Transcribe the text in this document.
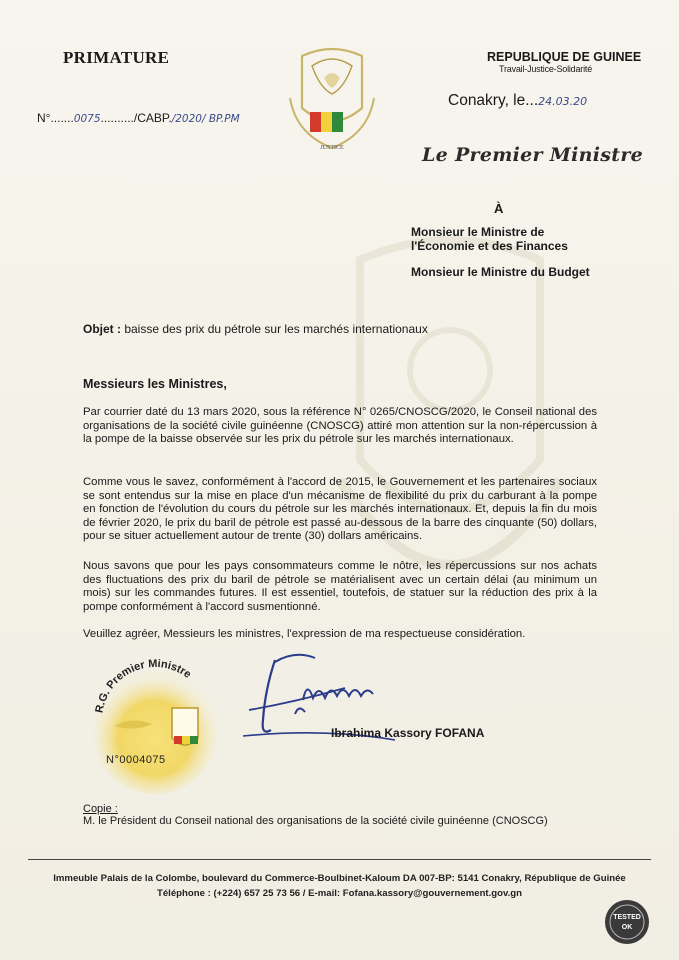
PRIMATURE	REPUBLIQUE DE GUINEE
Travail-Justice-Solidarité
N°.......0075........../CABP./2020/ BP.PM
Conakry, le...24.03.20
JUSTICE	Le Premier Ministre
À
Monsieur le Ministre de
l'Économie et des Finances
Monsieur le Ministre du Budget
Objet : baisse des prix du pétrole sur les marchés internationaux
Messieurs les Ministres,
Par courrier daté du 13 mars 2020, sous la référence N° 0265/CNOSCG/2020, le Conseil national des organisations de la société civile guinéenne (CNOSCG) attiré mon attention sur la non-répercussion à la pompe de la baisse observée sur les prix du pétrole sur les marchés internationaux.
Comme vous le savez, conformément à l'accord de 2015, le Gouvernement et les partenaires sociaux se sont entendus sur la mise en place d'un mécanisme de flexibilité du prix du carburant à la pompe en fonction de l'évolution du cours du pétrole sur les marchés internationaux. Et, depuis la fin du mois de février 2020, le prix du baril de pétrole est passé au-dessous de la barre des cinquante (50) dollars, pour se situer actuellement autour de trente (30) dollars américains.
Nous savons que pour les pays consommateurs comme le nôtre, les répercussions sur nos achats des fluctuations des prix du baril de pétrole se matérialisent avec un certain délai (au minimum un mois) sur les commandes futures. Il est essentiel, toutefois, de statuer sur la réduction des prix à la pompe conformément à l'accord susmentionné.
Veuillez agréer, Messieurs les ministres, l'expression de ma respectueuse considération.
R.G. Premier Ministre
N°0004075
Ibrahima Kassory FOFANA
Copie :
M. le Président du Conseil national des organisations de la société civile guinéenne (CNOSCG)
Immeuble Palais de la Colombe, boulevard du Commerce-Boulbinet-Kaloum DA 007-BP: 5141 Conakry, République de Guinée
Téléphone : (+224) 657 25 73 56 / E-mail: Fofana.kassory@gouvernement.gov.gn
TESTED
OK
